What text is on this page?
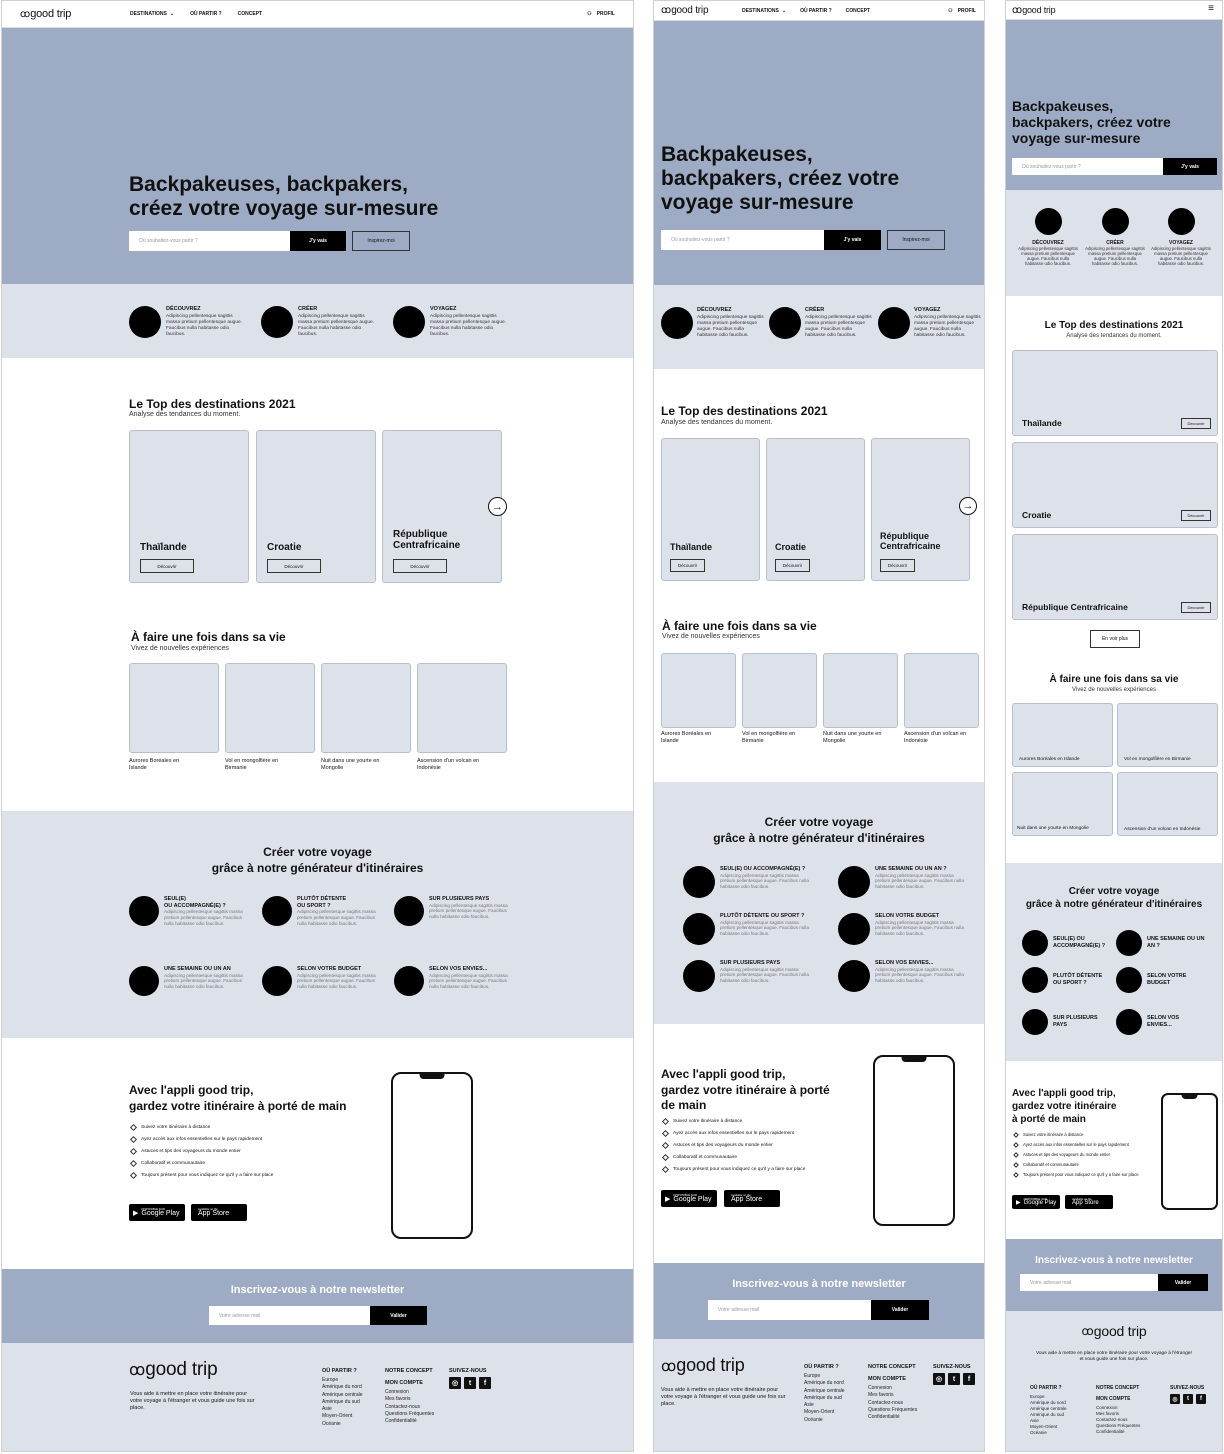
ꝏ good trip	DESTINATIONS ⌄	OÙ PARTIR ?	CONCEPT	⚇ PROFIL
Backpakeuses, backpakers,
créez votre voyage sur-mesure
Où souhaitez-vous partir ?	J'y vais	Inspirez-moi
DÉCOUVREZ
Adipiscing pellentesque sagittis massa pretium pellentesque augue. Faucibus nulla habitasse odio faucibus.
CRÉER
Adipiscing pellentesque sagittis massa pretium pellentesque augue. Faucibus nulla habitasse odio faucibus.
VOYAGEZ
Adipiscing pellentesque sagittis massa pretium pellentesque augue. Faucibus nulla habitasse odio faucibus.
Le Top des destinations 2021
Analyse des tendances du moment.
Thaïlande
Découvrir
Croatie
Découvrir
République
Centrafricaine
Découvrir
→
À faire une fois dans sa vie
Vivez de nouvelles expériences
Aurores Boréales en
Islande
Vol en mongolfière en
Birmanie
Nuit dans une yourte en
Mongolie
Ascension d'un volcan en
Indonésie
Créer votre voyage
grâce à notre générateur d'itinéraires
SEUL(E)
OU ACCOMPAGNÉ(E) ?
Adipiscing pellentesque sagittis massa pretium pellentesque augue. Faucibus nulla habitasse odio faucibus.
PLUTÔT DÉTENTE
OU SPORT ?
Adipiscing pellentesque sagittis massa pretium pellentesque augue. Faucibus nulla habitasse odio faucibus.
SUR PLUSIEURS PAYS
Adipiscing pellentesque sagittis massa pretium pellentesque augue. Faucibus nulla habitasse odio faucibus.
UNE SEMAINE OU UN AN
Adipiscing pellentesque sagittis massa pretium pellentesque augue. Faucibus nulla habitasse odio faucibus.
SELON VOTRE BUDGET
Adipiscing pellentesque sagittis massa pretium pellentesque augue. Faucibus nulla habitasse odio faucibus.
SELON VOS ENVIES...
Adipiscing pellentesque sagittis massa pretium pellentesque augue. Faucibus nulla habitasse odio faucibus.
Avec l'appli good trip,
gardez votre itinéraire à porté de main
Suivez votre itinéraire à distance
Ayez accès aux infos essentielles sur le pays rapidement
Astuces et tips des voyageurs du monde entier
Collaboratif et communautaire
Toujours présent pour vous indiquez ce qu'il y a faire sur place
▶
DISPONIBLE SUR
Google Play
Available on the
App Store
Inscrivez-vous à notre newsletter
Votre adresse mail	Valider
ꝏ good trip
Vous aide à mettre en place votre itinéraire pour votre voyage à l'étranger et vous guide une fois sur place.
OÙ PARTIR ?
Europe
Amérique du nord
Amérique centrale
Amérique du sud
Asie
Moyen-Orient
Océanie
NOTRE CONCEPT
MON COMPTE
Connexion
Mes favoris
Contactez-nous
Questions Fréquentes
Confidentialité
SUIVEZ-NOUS
◎	t	f
ꝏ good trip	DESTINATIONS ⌄	OÙ PARTIR ?	CONCEPT	⚇ PROFIL
Backpakeuses,
backpakers, créez votre
voyage sur-mesure
Où souhaitez-vous partir ?	J'y vais	Inspirez-moi
DÉCOUVREZ
Adipiscing pellentesque sagittis massa pretium pellentesque augue. Faucibus nulla habitasse odio faucibus.
CRÉER
Adipiscing pellentesque sagittis massa pretium pellentesque augue. Faucibus nulla habitasse odio faucibus.
VOYAGEZ
Adipiscing pellentesque sagittis massa pretium pellentesque augue. Faucibus nulla habitasse odio faucibus.
Le Top des destinations 2021
Analyse des tendances du moment.
Thaïlande
Découvrir
Croatie
Découvrir
République
Centrafricaine
Découvrir
→
À faire une fois dans sa vie
Vivez de nouvelles expériences
Aurores Boréales en
Islande
Vol en mongolfière en
Birmanie
Nuit dans une yourte en
Mongolie
Ascension d'un volcan en
Indonésie
Créer votre voyage
grâce à notre générateur d'itinéraires
SEUL(E) OU ACCOMPAGNÉ(E) ?
Adipiscing pellentesque sagittis massa pretium pellentesque augue. Faucibus nulla habitasse odio faucibus.
UNE SEMAINE OU UN AN ?
Adipiscing pellentesque sagittis massa pretium pellentesque augue. Faucibus nulla habitasse odio faucibus.
PLUTÔT DÉTENTE OU SPORT ?
Adipiscing pellentesque sagittis massa pretium pellentesque augue. Faucibus nulla habitasse odio faucibus.
SELON VOTRE BUDGET
Adipiscing pellentesque sagittis massa pretium pellentesque augue. Faucibus nulla habitasse odio faucibus.
SUR PLUSIEURS PAYS
Adipiscing pellentesque sagittis massa pretium pellentesque augue. Faucibus nulla habitasse odio faucibus.
SELON VOS ENVIES...
Adipiscing pellentesque sagittis massa pretium pellentesque augue. Faucibus nulla habitasse odio faucibus.
Avec l'appli good trip,
gardez votre itinéraire à porté
de main
Suivez votre itinéraire à distance
Ayez accès aux infos essentielles sur le pays rapidement
Astuces et tips des voyageurs du monde entier
Collaboratif et communautaire
Toujours présent pour vous indiquez ce qu'il y a faire sur place
▶
DISPONIBLE SUR
Google Play
Available on the
App Store
Inscrivez-vous à notre newsletter
Votre adresse mail	Valider
ꝏ good trip
Vous aide à mettre en place votre itinéraire pour votre voyage à l'étranger et vous guide une fois sur place.
OÙ PARTIR ?
Europe
Amérique du nord
Amérique centrale
Amérique du sud
Asie
Moyen-Orient
Océanie
NOTRE CONCEPT
MON COMPTE
Connexion
Mes favoris
Contactez-nous
Questions Fréquentes
Confidentialité
SUIVEZ-NOUS
◎	t	f
ꝏ good trip	≡
Backpakeuses,
backpakers, créez votre
voyage sur-mesure
Où souhaitez-vous partir ?	J'y vais
DÉCOUVREZ
Adipiscing pellentesque sagittis massa pretium pellentesque augue. Faucibus nulla habitasse odio faucibus.
CRÉER
Adipiscing pellentesque sagittis massa pretium pellentesque augue. Faucibus nulla habitasse odio faucibus.
VOYAGEZ
Adipiscing pellentesque sagittis massa pretium pellentesque augue. Faucibus nulla habitasse odio faucibus.
Le Top des destinations 2021
Analyse des tendances du moment.
Thaïlande	Découvrir
Croatie	Découvrir
République Centrafricaine	Découvrir
En voir plus
À faire une fois dans sa vie
Vivez de nouvelles expériences
Aurores Boréales en Islande	Vol en mongolfière en Birmanie
Nuit dans une yourte en Mongolie	Ascension d'un volcan en Indonésie
Créer votre voyage
grâce à notre générateur d'itinéraires
SEUL(E) OU ACCOMPAGNÉ(E) ?
UNE SEMAINE OU UN AN ?
PLUTÔT DÉTENTE OU SPORT ?
SELON VOTRE BUDGET
SUR PLUSIEURS PAYS
SELON VOS ENVIES...
Avec l'appli good trip,
gardez votre itinéraire
à porté de main
Suivez votre itinéraire à distance
Ayez accès aux infos essentielles sur le pays rapidement
Astuces et tips des voyageurs du monde entier
Collaboratif et communautaire
Toujours présent pour vous indiquez ce qu'il y a faire sur place
▶
DISPONIBLE SUR
Google Play
Available on the
App Store
Inscrivez-vous à notre newsletter
Votre adresse mail	Valider
ꝏ good trip
Vous aide à mettre en place votre itinéraire pour votre voyage à l'étranger et vous guide une fois sur place.
OÙ PARTIR ?
Europe
Amérique du nord
Amérique centrale
Amérique du sud
Asie
Moyen-Orient
Océanie
NOTRE CONCEPT
MON COMPTE
Connexion
Mes favoris
Contactez-nous
Questions Fréquentes
Confidentialité
SUIVEZ-NOUS
◎	t	f
